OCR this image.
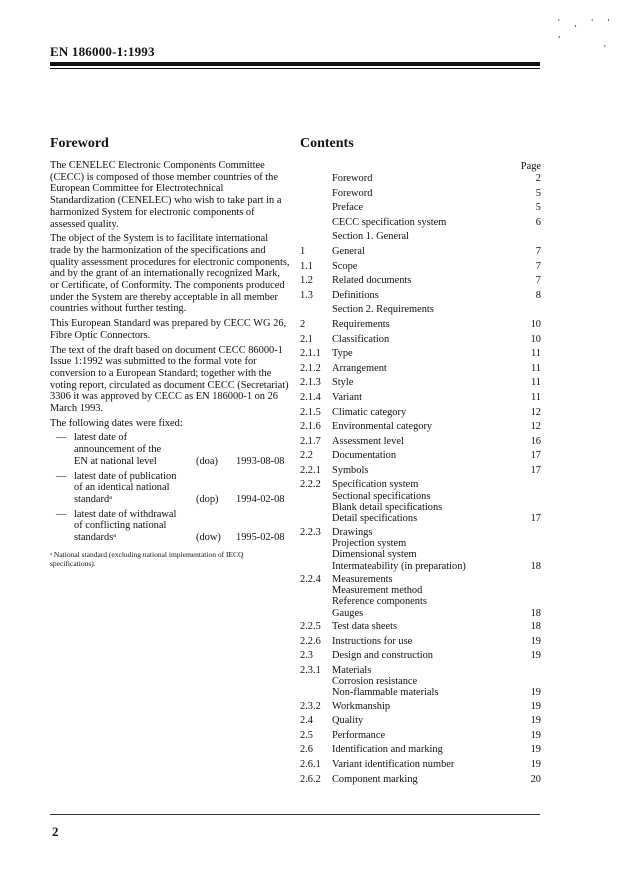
' , ' ' ,
'
EN 186000-1:1993
Foreword	Contents

The CENELEC Electronic Components Committee (CECC) is composed of those member countries of the European Committee for Electrotechnical Standardization (CENELEC) who wish to take part in a harmonized System for electronic components of assessed quality.

The object of the System is to facilitate international trade by the harmonization of the specifications and quality assessment procedures for electronic components, and by the grant of an internationally recognized Mark, or Certificate, of Conformity. The components produced under the System are thereby acceptable in all member countries without further testing.

This European Standard was prepared by CECC WG 26, Fibre Optic Connectors.

The text of the draft based on document CECC 86000-1 Issue 1:1992 was submitted to the formal vote for conversion to a European Standard; together with the voting report, circulated as document CECC (Secretariat) 3306 it was approved by CECC as EN 186000-1 on 26 March 1993.

The following dates were fixed:

— latest date of
announcement of the
EN at national level	(doa)	1993-08-08
— latest date of publication
of an identical national
standardᵃ	(dop)	1994-02-08
— latest date of withdrawal
of conflicting national
standardsᵃ	(dow)	1995-02-08
ᵃ National standard (excluding national implementation of IECQ specifications).
Page
Foreword	2
Foreword	5
Preface	5
CECC specification system	6
Section 1. General
1	General	7
1.1	Scope	7
1.2	Related documents	7
1.3	Definitions	8
Section 2. Requirements
2	Requirements	10
2.1	Classification	10
2.1.1	Type	11
2.1.2	Arrangement	11
2.1.3	Style	11
2.1.4	Variant	11
2.1.5	Climatic category	12
2.1.6	Environmental category	12
2.1.7	Assessment level	16
2.2	Documentation	17
2.2.1	Symbols	17
2.2.2	Specification system
Sectional specifications
Blank detail specifications
Detail specifications	17
2.2.3	Drawings
Projection system
Dimensional system
Intermateability (in preparation)	18
2.2.4	Measurements
Measurement method
Reference components
Gauges	18
2.2.5	Test data sheets	18
2.2.6	Instructions for use	19
2.3	Design and construction	19
2.3.1	Materials
Corrosion resistance
Non-flammable materials	19
2.3.2	Workmanship	19
2.4	Quality	19
2.5	Performance	19
2.6	Identification and marking	19
2.6.1	Variant identification number	19
2.6.2	Component marking	20
2
